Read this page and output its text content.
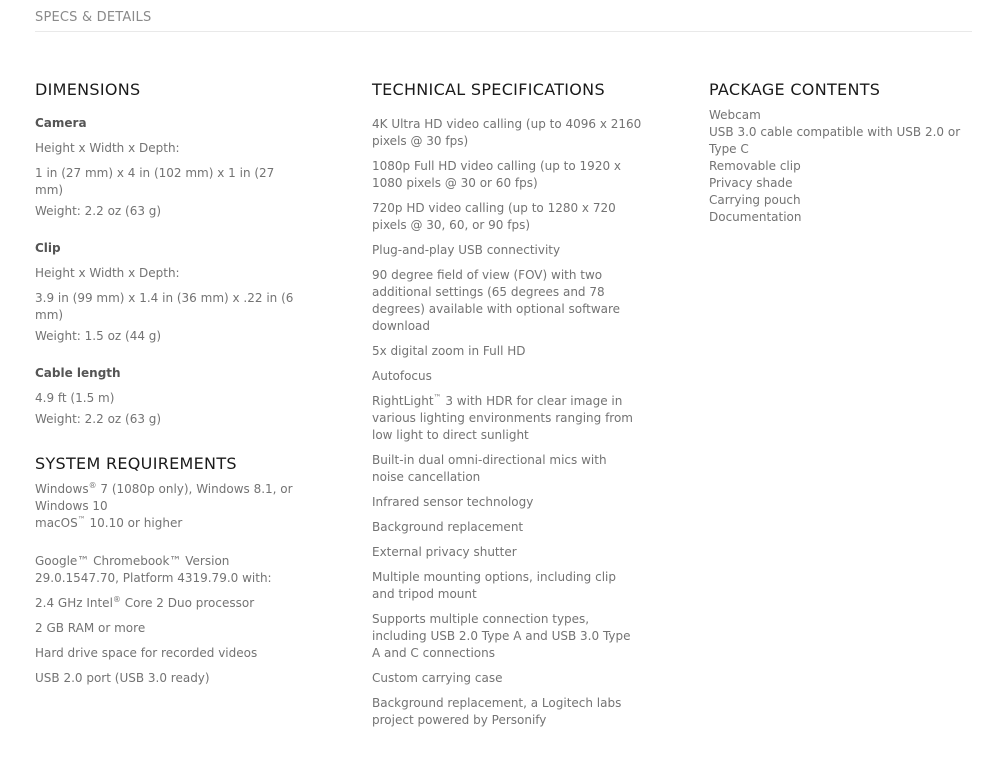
SPECS & DETAILS
DIMENSIONS
Camera

Height x Width x Depth:

1 in (27 mm) x 4 in (102 mm) x 1 in (27 mm)

Weight: 2.2 oz (63 g)

Clip

Height x Width x Depth:

3.9 in (99 mm) x 1.4 in (36 mm) x .22 in (6 mm)

Weight: 1.5 oz (44 g)

Cable length

4.9 ft (1.5 m)

Weight: 2.2 oz (63 g)

SYSTEM REQUIREMENTS

Windows® 7 (1080p only), Windows 8.1, or Windows 10

macOS™ 10.10 or higher

Google™ Chromebook™ Version 29.0.1547.70, Platform 4319.79.0 with:

2.4 GHz Intel® Core 2 Duo processor

2 GB RAM or more

Hard drive space for recorded videos

USB 2.0 port (USB 3.0 ready)

TECHNICAL SPECIFICATIONS

4K Ultra HD video calling (up to 4096 x 2160 pixels @ 30 fps)

1080p Full HD video calling (up to 1920 x 1080 pixels @ 30 or 60 fps)

720p HD video calling (up to 1280 x 720 pixels @ 30, 60, or 90 fps)

Plug-and-play USB connectivity

90 degree field of view (FOV) with two additional settings (65 degrees and 78 degrees) available with optional software download

5x digital zoom in Full HD

Autofocus

RightLight™ 3 with HDR for clear image in various lighting environments ranging from low light to direct sunlight

Built-in dual omni-directional mics with noise cancellation

Infrared sensor technology

Background replacement

External privacy shutter

Multiple mounting options, including clip and tripod mount

Supports multiple connection types, including USB 2.0 Type A and USB 3.0 Type A and C connections

Custom carrying case

Background replacement, a Logitech labs project powered by Personify

PACKAGE CONTENTS

Webcam

USB 3.0 cable compatible with USB 2.0 or Type C

Removable clip

Privacy shade

Carrying pouch

Documentation
